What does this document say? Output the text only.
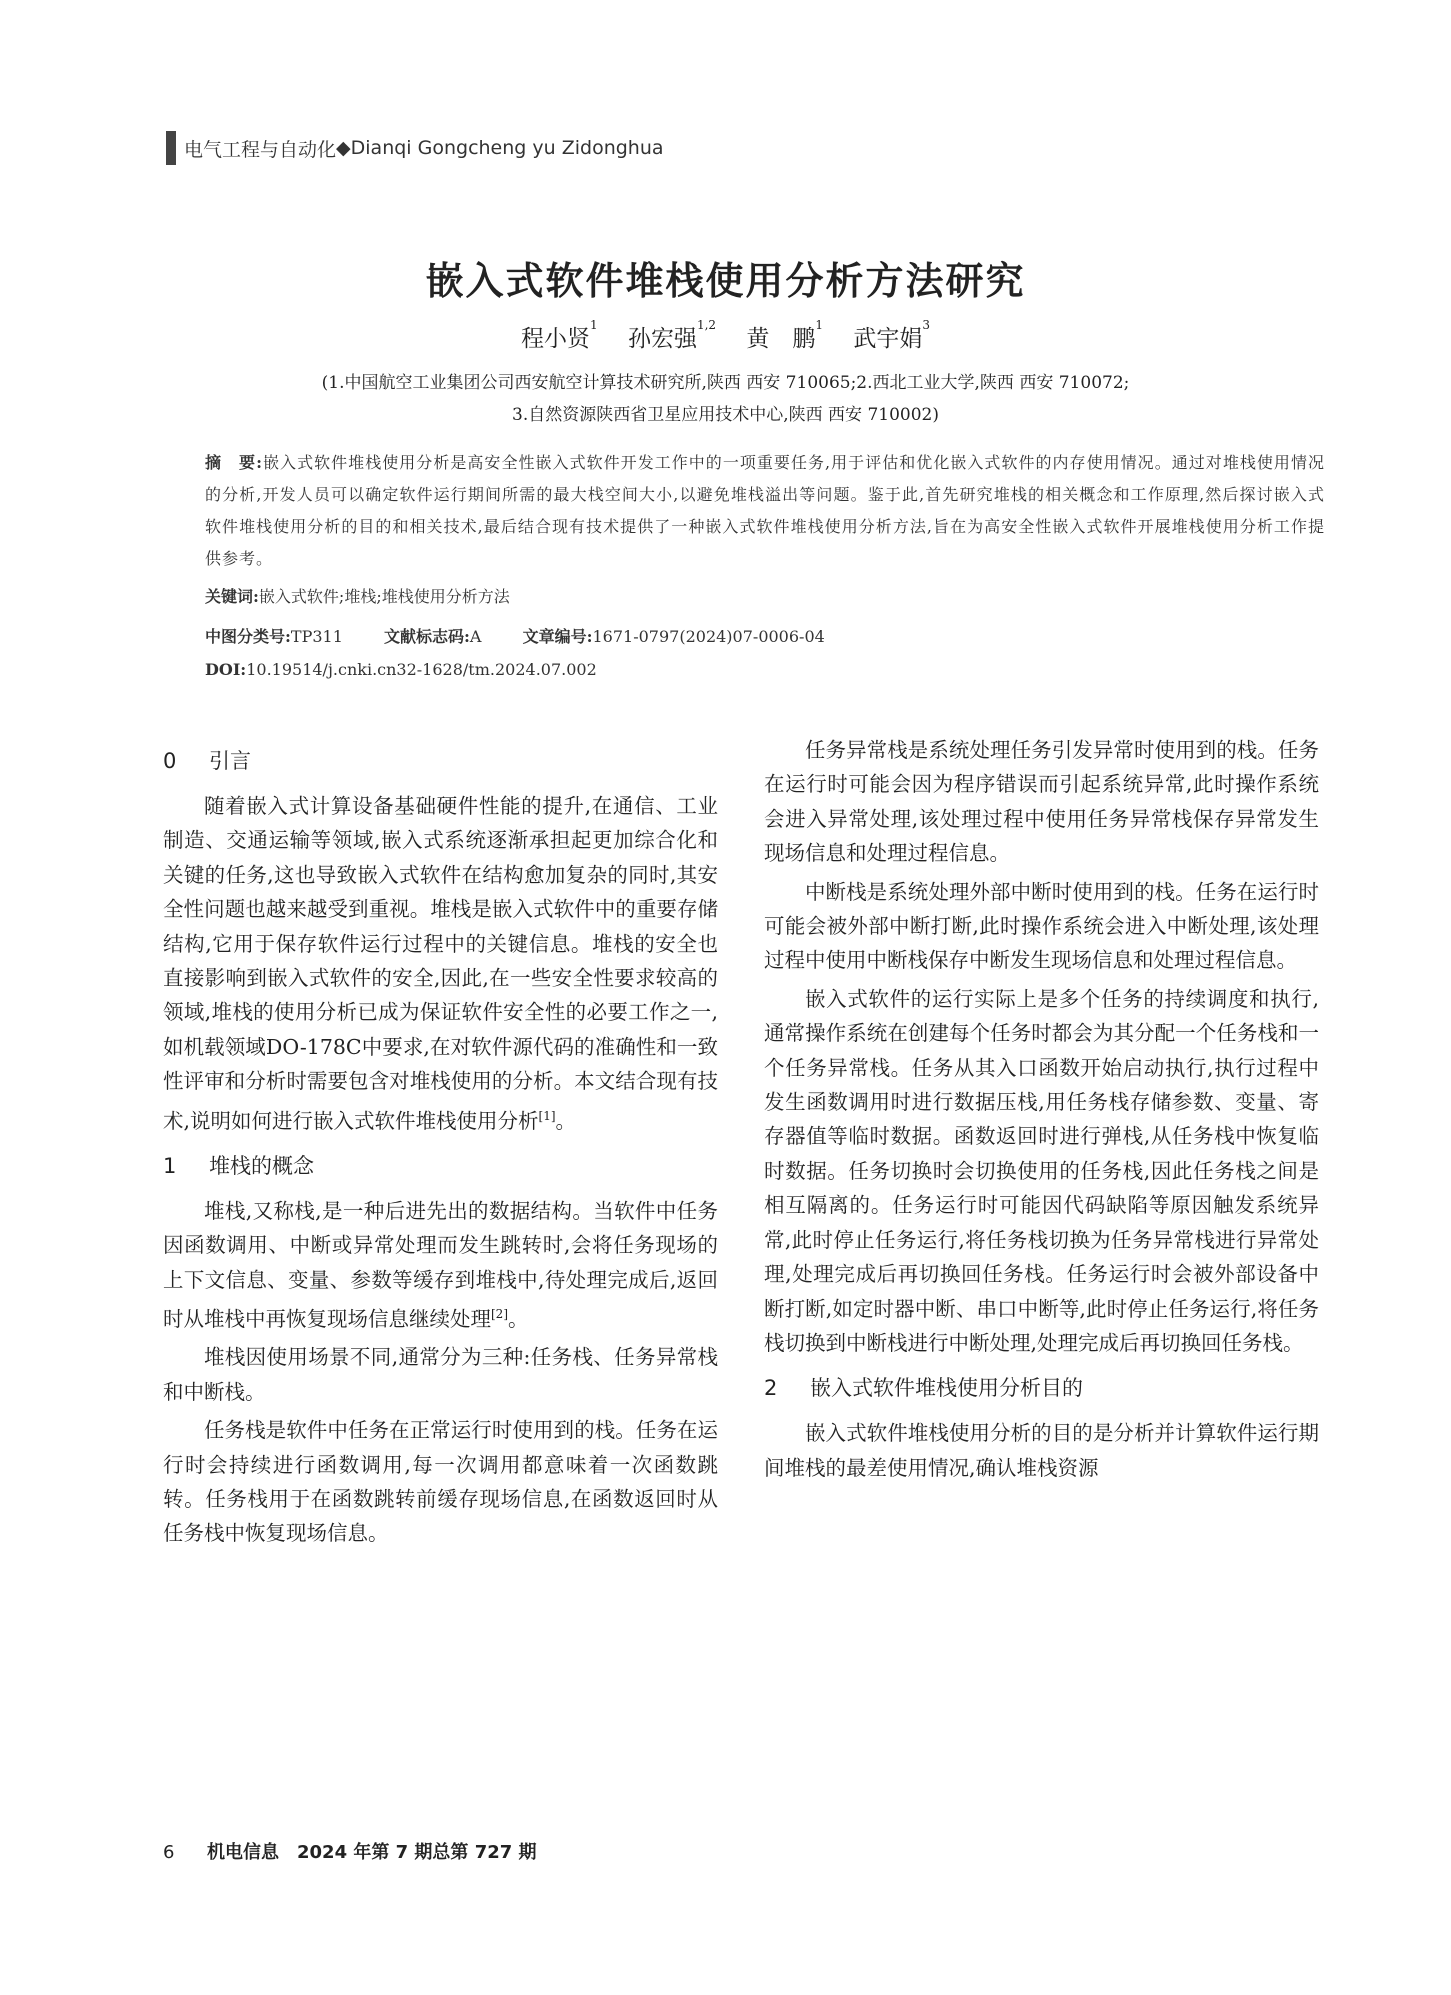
电气工程与自动化 ◆ Dianqi Gongcheng yu Zidonghua
嵌入式软件堆栈使用分析方法研究
程小贤$^1$  孙宏强$^{1,2}$  黄　鹏$^1$  武宇娟$^3$
(1.中国航空工业集团公司西安航空计算技术研究所,陕西 西安 710065;2.西北工业大学,陕西 西安 710072;
3.自然资源陕西省卫星应用技术中心,陕西 西安 710002)
摘　要:嵌入式软件堆栈使用分析是高安全性嵌入式软件开发工作中的一项重要任务,用于评估和优化嵌入式软件的内存使用情况。通过对堆栈使用情况的分析,开发人员可以确定软件运行期间所需的最大栈空间大小,以避免堆栈溢出等问题。鉴于此,首先研究堆栈的相关概念和工作原理,然后探讨嵌入式软件堆栈使用分析的目的和相关技术,最后结合现有技术提供了一种嵌入式软件堆栈使用分析方法,旨在为高安全性嵌入式软件开展堆栈使用分析工作提供参考。
关键词:嵌入式软件;堆栈;堆栈使用分析方法
中图分类号:TP311	文献标志码:A	文章编号:1671-0797(2024)07-0006-04
DOI:10.19514/j.cnki.cn32-1628/tm.2024.07.002
0 引言

随着嵌入式计算设备基础硬件性能的提升,在通信、工业制造、交通运输等领域,嵌入式系统逐渐承担起更加综合化和关键的任务,这也导致嵌入式软件在结构愈加复杂的同时,其安全性问题也越来越受到重视。堆栈是嵌入式软件中的重要存储结构,它用于保存软件运行过程中的关键信息。堆栈的安全也直接影响到嵌入式软件的安全,因此,在一些安全性要求较高的领域,堆栈的使用分析已成为保证软件安全性的必要工作之一,如机载领域DO-178C中要求,在对软件源代码的准确性和一致性评审和分析时需要包含对堆栈使用的分析。本文结合现有技术,说明如何进行嵌入式软件堆栈使用分析[1]。

1 堆栈的概念

堆栈,又称栈,是一种后进先出的数据结构。当软件中任务因函数调用、中断或异常处理而发生跳转时,会将任务现场的上下文信息、变量、参数等缓存到堆栈中,待处理完成后,返回时从堆栈中再恢复现场信息继续处理[2]。

堆栈因使用场景不同,通常分为三种:任务栈、任务异常栈和中断栈。

任务栈是软件中任务在正常运行时使用到的栈。任务在运行时会持续进行函数调用,每一次调用都意味着一次函数跳转。任务栈用于在函数跳转前缓存现场信息,在函数返回时从任务栈中恢复现场信息。

任务异常栈是系统处理任务引发异常时使用到的栈。任务在运行时可能会因为程序错误而引起系统异常,此时操作系统会进入异常处理,该处理过程中使用任务异常栈保存异常发生现场信息和处理过程信息。

中断栈是系统处理外部中断时使用到的栈。任务在运行时可能会被外部中断打断,此时操作系统会进入中断处理,该处理过程中使用中断栈保存中断发生现场信息和处理过程信息。

嵌入式软件的运行实际上是多个任务的持续调度和执行,通常操作系统在创建每个任务时都会为其分配一个任务栈和一个任务异常栈。任务从其入口函数开始启动执行,执行过程中发生函数调用时进行数据压栈,用任务栈存储参数、变量、寄存器值等临时数据。函数返回时进行弹栈,从任务栈中恢复临时数据。任务切换时会切换使用的任务栈,因此任务栈之间是相互隔离的。任务运行时可能因代码缺陷等原因触发系统异常,此时停止任务运行,将任务栈切换为任务异常栈进行异常处理,处理完成后再切换回任务栈。任务运行时会被外部设备中断打断,如定时器中断、串口中断等,此时停止任务运行,将任务栈切换到中断栈进行中断处理,处理完成后再切换回任务栈。

2 嵌入式软件堆栈使用分析目的

嵌入式软件堆栈使用分析的目的是分析并计算软件运行期间堆栈的最差使用情况,确认堆栈资源

6 机电信息  2024 年第 7 期总第 727 期
